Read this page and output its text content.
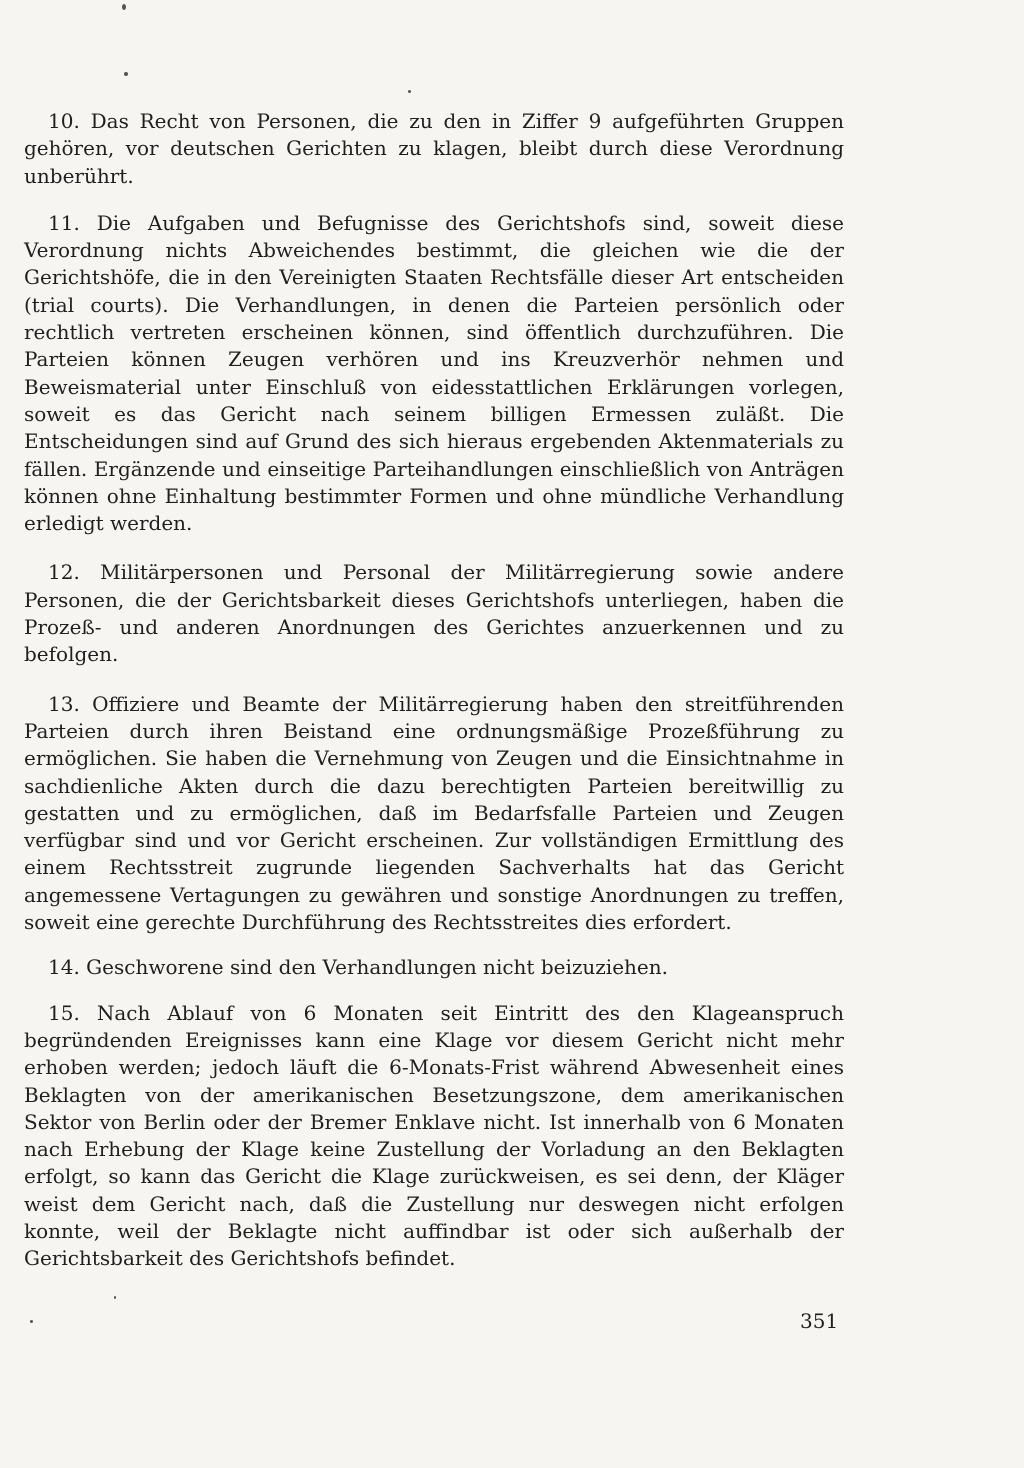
10. Das Recht von Personen, die zu den in Ziffer 9 aufgeführten Gruppen gehören, vor deutschen Gerichten zu klagen, bleibt durch diese Verordnung unberührt.

11. Die Aufgaben und Befugnisse des Gerichtshofs sind, soweit diese Verordnung nichts Abweichendes bestimmt, die gleichen wie die der Gerichtshöfe, die in den Vereinigten Staaten Rechtsfälle dieser Art entscheiden (trial courts). Die Verhandlungen, in denen die Parteien persönlich oder rechtlich vertreten erscheinen können, sind öffentlich durchzuführen. Die Parteien können Zeugen verhören und ins Kreuzverhör nehmen und Beweismaterial unter Einschluß von eidesstattlichen Erklärungen vorlegen, soweit es das Gericht nach seinem billigen Ermessen zuläßt. Die Entscheidungen sind auf Grund des sich hieraus ergebenden Aktenmaterials zu fällen. Ergänzende und einseitige Parteihandlungen einschließlich von Anträgen können ohne Einhaltung bestimmter Formen und ohne mündliche Verhandlung erledigt werden.

12. Militärpersonen und Personal der Militärregierung sowie andere Personen, die der Gerichtsbarkeit dieses Gerichtshofs unterliegen, haben die Prozeß- und anderen Anordnungen des Gerichtes anzuerkennen und zu befolgen.

13. Offiziere und Beamte der Militärregierung haben den streitführenden Parteien durch ihren Beistand eine ordnungsmäßige Prozeßführung zu ermöglichen. Sie haben die Vernehmung von Zeugen und die Einsichtnahme in sachdienliche Akten durch die dazu berechtigten Parteien bereitwillig zu gestatten und zu ermöglichen, daß im Bedarfsfalle Parteien und Zeugen verfügbar sind und vor Gericht erscheinen. Zur vollständigen Ermittlung des einem Rechtsstreit zugrunde liegenden Sachverhalts hat das Gericht angemessene Vertagungen zu gewähren und sonstige Anordnungen zu treffen, soweit eine gerechte Durchführung des Rechtsstreites dies erfordert.

14. Geschworene sind den Verhandlungen nicht beizuziehen.

15. Nach Ablauf von 6 Monaten seit Eintritt des den Klageanspruch begründenden Ereignisses kann eine Klage vor diesem Gericht nicht mehr erhoben werden; jedoch läuft die 6-Monats-Frist während Abwesenheit eines Beklagten von der amerikanischen Besetzungszone, dem amerikanischen Sektor von Berlin oder der Bremer Enklave nicht. Ist innerhalb von 6 Monaten nach Erhebung der Klage keine Zustellung der Vorladung an den Beklagten erfolgt, so kann das Gericht die Klage zurückweisen, es sei denn, der Kläger weist dem Gericht nach, daß die Zustellung nur deswegen nicht erfolgen konnte, weil der Beklagte nicht auffindbar ist oder sich außerhalb der Gerichtsbarkeit des Gerichtshofs befindet.

351
